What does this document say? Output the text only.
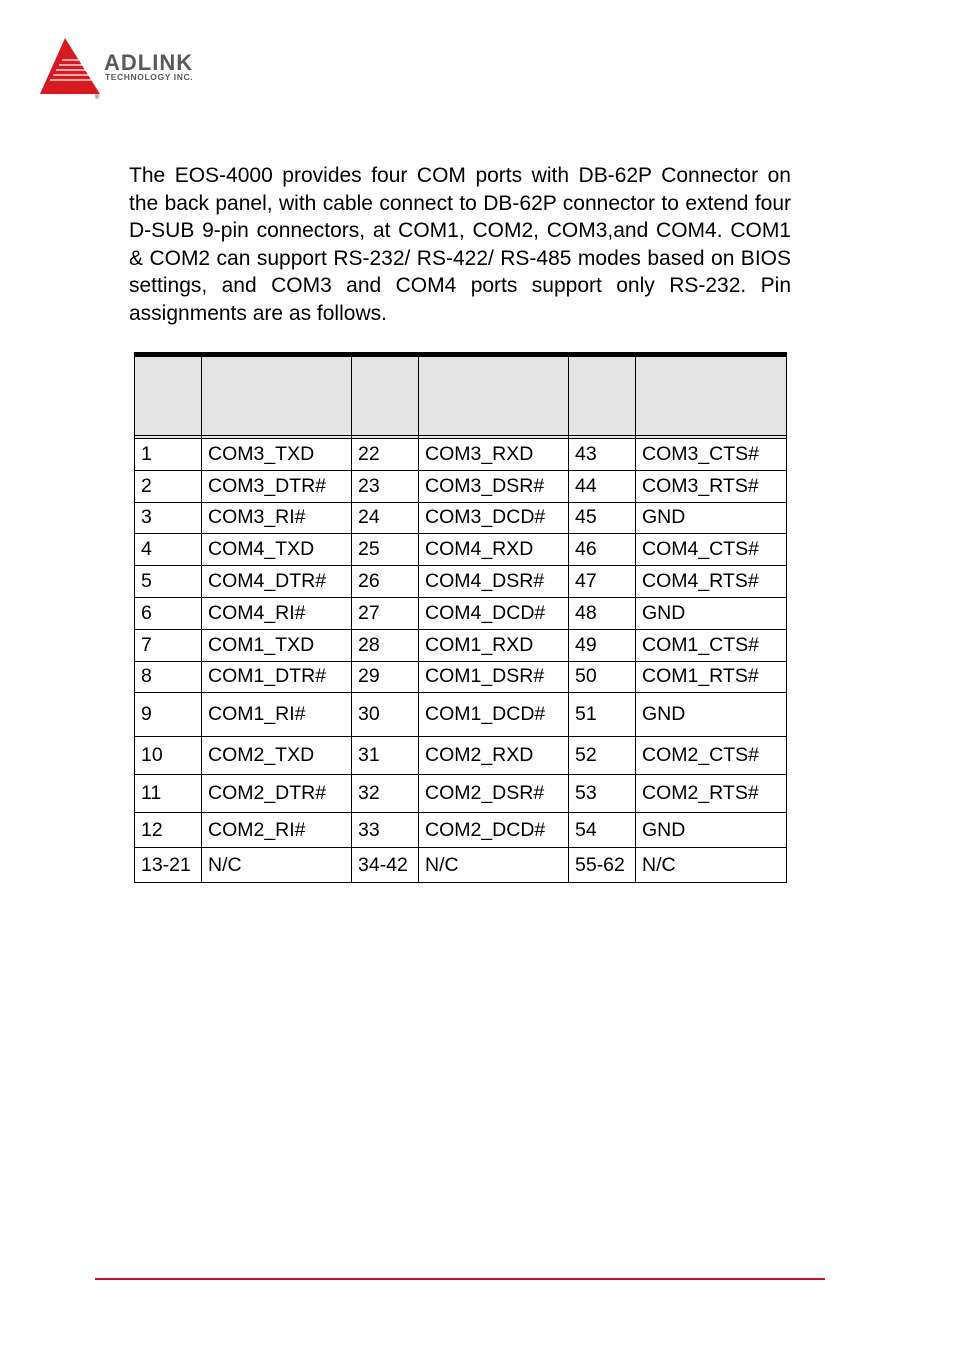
®
ADLINK
TECHNOLOGY INC.

The EOS-4000 provides four COM ports with DB-62P Connector on the back panel, with cable connect to DB-62P connector to extend four D-SUB 9-pin connectors, at COM1, COM2, COM3,and COM4. COM1 & COM2 can support RS-232/ RS-422/ RS-485 modes based on BIOS settings, and COM3 and COM4 ports support only RS-232. Pin assignments are as follows.

1	COM3_TXD	22	COM3_RXD	43	COM3_CTS#
2	COM3_DTR#	23	COM3_DSR#	44	COM3_RTS#
3	COM3_RI#	24	COM3_DCD#	45	GND
4	COM4_TXD	25	COM4_RXD	46	COM4_CTS#
5	COM4_DTR#	26	COM4_DSR#	47	COM4_RTS#
6	COM4_RI#	27	COM4_DCD#	48	GND
7	COM1_TXD	28	COM1_RXD	49	COM1_CTS#
8	COM1_DTR#	29	COM1_DSR#	50	COM1_RTS#
9	COM1_RI#	30	COM1_DCD#	51	GND
10	COM2_TXD	31	COM2_RXD	52	COM2_CTS#
11	COM2_DTR#	32	COM2_DSR#	53	COM2_RTS#
12	COM2_RI#	33	COM2_DCD#	54	GND
13-21	N/C	34-42	N/C	55-62	N/C
